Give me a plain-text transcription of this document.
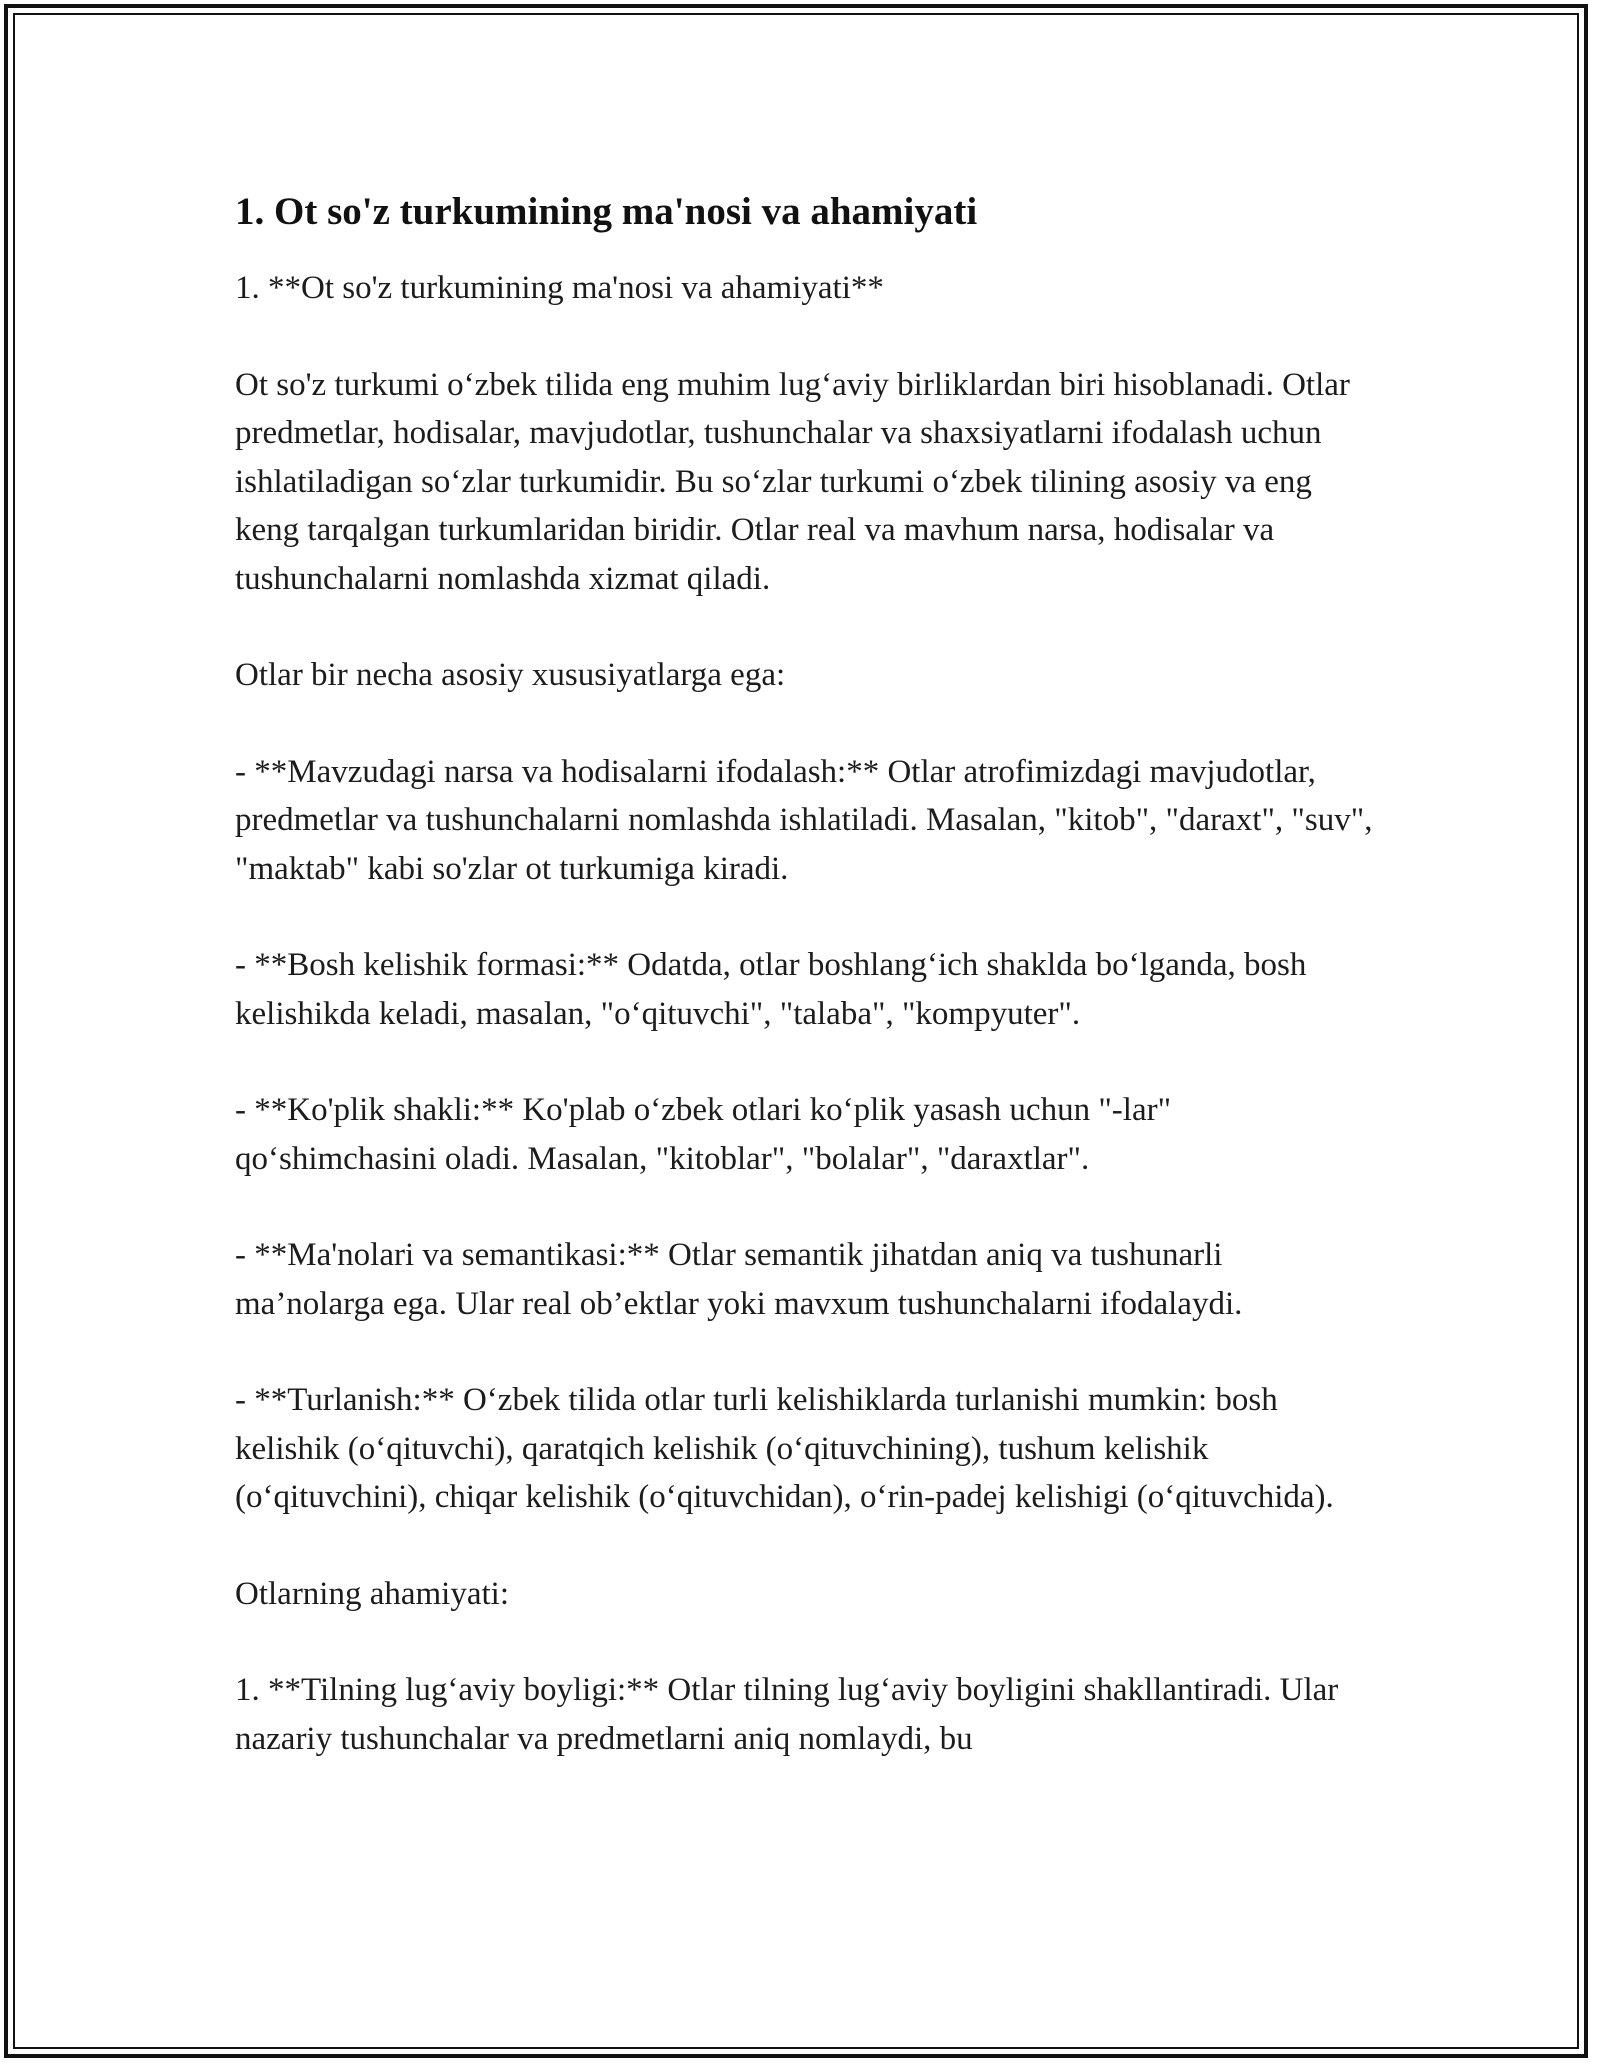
1. Ot so'z turkumining ma'nosi va ahamiyati

1. **Ot so'z turkumining ma'nosi va ahamiyati**

Ot so'z turkumi o‘zbek tilida eng muhim lug‘aviy birliklardan biri hisoblanadi. Otlar predmetlar, hodisalar, mavjudotlar, tushunchalar va shaxsiyatlarni ifodalash uchun ishlatiladigan so‘zlar turkumidir. Bu so‘zlar turkumi o‘zbek tilining asosiy va eng keng tarqalgan turkumlaridan biridir. Otlar real va mavhum narsa, hodisalar va tushunchalarni nomlashda xizmat qiladi.

Otlar bir necha asosiy xususiyatlarga ega:

- **Mavzudagi narsa va hodisalarni ifodalash:** Otlar atrofimizdagi mavjudotlar, predmetlar va tushunchalarni nomlashda ishlatiladi. Masalan, "kitob", "daraxt", "suv", "maktab" kabi so'zlar ot turkumiga kiradi.

- **Bosh kelishik formasi:** Odatda, otlar boshlang‘ich shaklda bo‘lganda, bosh kelishikda keladi, masalan, "o‘qituvchi", "talaba", "kompyuter".

- **Ko'plik shakli:** Ko'plab o‘zbek otlari ko‘plik yasash uchun "-lar" qo‘shimchasini oladi. Masalan, "kitoblar", "bolalar", "daraxtlar".

- **Ma'nolari va semantikasi:** Otlar semantik jihatdan aniq va tushunarli ma’nolarga ega. Ular real ob’ektlar yoki mavxum tushunchalarni ifodalaydi.

- **Turlanish:** O‘zbek tilida otlar turli kelishiklarda turlanishi mumkin: bosh kelishik (o‘qituvchi), qaratqich kelishik (o‘qituvchining), tushum kelishik (o‘qituvchini), chiqar kelishik (o‘qituvchidan), o‘rin-padej kelishigi (o‘qituvchida).

Otlarning ahamiyati:

1. **Tilning lug‘aviy boyligi:** Otlar tilning lug‘aviy boyligini shakllantiradi. Ular nazariy tushunchalar va predmetlarni aniq nomlaydi, bu
